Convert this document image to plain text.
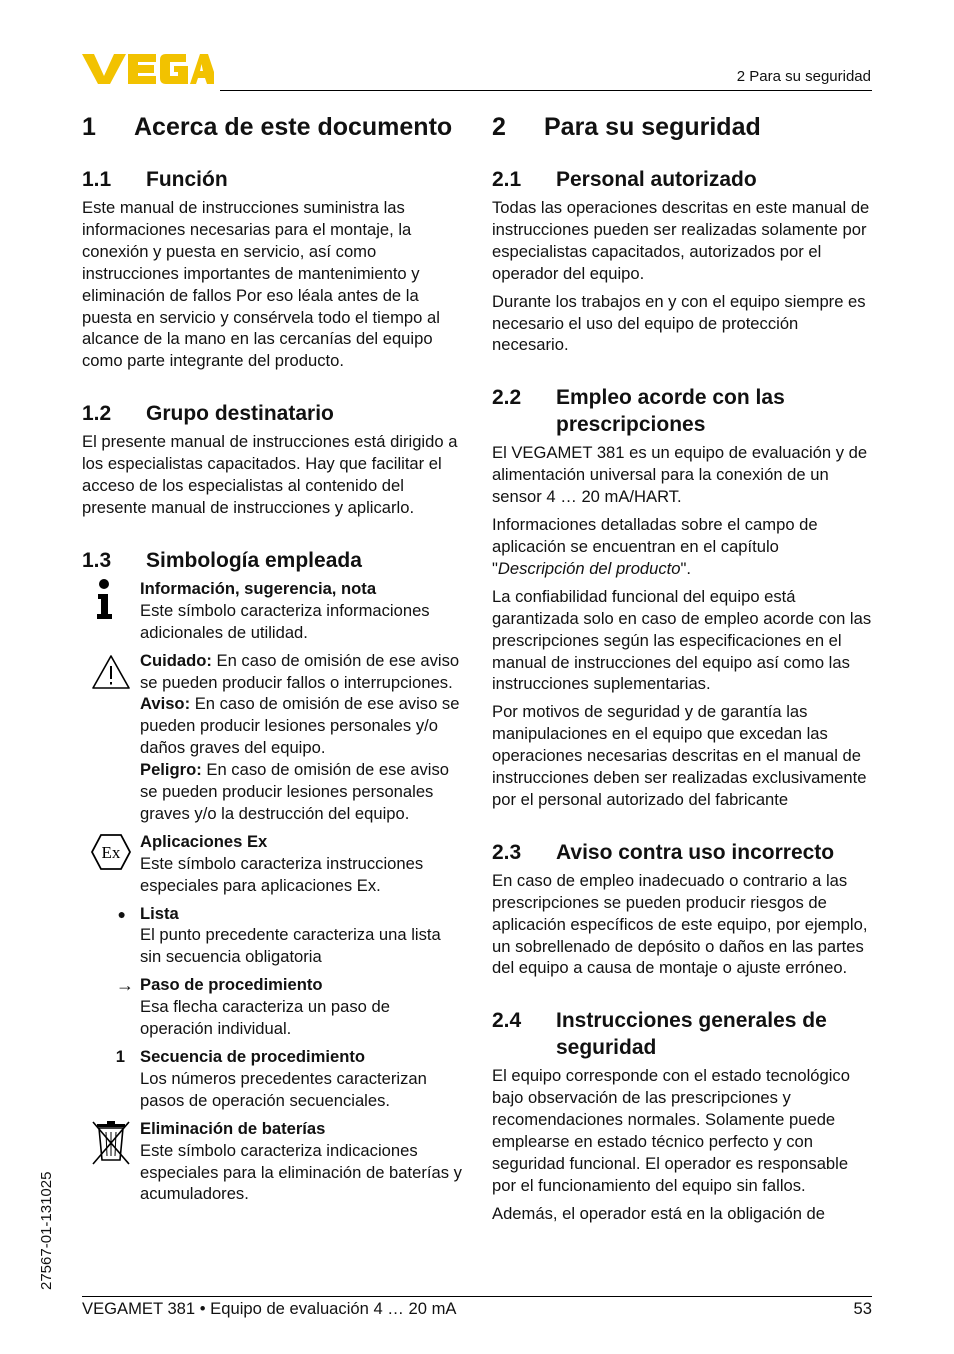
2 Para su seguridad
1	Acerca de este documento
1.1	Función

Este manual de instrucciones suministra las informaciones necesarias para el montaje, la conexión y puesta en servicio, así como instrucciones importantes de mantenimiento y eliminación de fallos Por eso léala antes de la puesta en servicio y consérvela todo el tiempo al alcance de la mano en las cercanías del equipo como parte integrante del producto.

1.2	Grupo destinatario

El presente manual de instrucciones está dirigido a los especialistas capacitados. Hay que facilitar el acceso de los especialistas al contenido del presente manual de instrucciones y aplicarlo.

1.3	Simbología empleada

Información, sugerencia, nota

Este símbolo caracteriza informaciones adicionales de utilidad.

Cuidado: En caso de omisión de ese aviso se pueden producir fallos o interrupciones.

Aviso: En caso de omisión de ese aviso se pueden producir lesiones personales y/o daños graves del equipo.

Peligro: En caso de omisión de ese aviso se pueden producir lesiones personales graves y/o la destrucción del equipo.

Ex

Aplicaciones Ex

Este símbolo caracteriza instrucciones especiales para aplicaciones Ex.

● Lista

El punto precedente caracteriza una lista sin secuencia obligatoria

→ Paso de procedimiento

Esa flecha caracteriza un paso de operación individual.

1 Secuencia de procedimiento

Los números precedentes caracterizan pasos de operación secuenciales.

Eliminación de baterías

Este símbolo caracteriza indicaciones especiales para la eliminación de baterías y acumuladores.

2	Para su seguridad
2.1	Personal autorizado

Todas las operaciones descritas en este manual de instrucciones pueden ser realizadas solamente por especialistas capacitados, autorizados por el operador del equipo.

Durante los trabajos en y con el equipo siempre es necesario el uso del equipo de protección necesario.

2.2	Empleo acorde con las prescripciones

El VEGAMET 381 es un equipo de evaluación y de alimentación universal para la conexión de un sensor 4 … 20 mA/HART.

Informaciones detalladas sobre el campo de aplicación se encuentran en el capítulo "Descripción del producto".

La confiabilidad funcional del equipo está garantizada solo en caso de empleo acorde con las prescripciones según las especificaciones en el manual de instrucciones del equipo así como las instrucciones suplementarias.

Por motivos de seguridad y de garantía las manipulaciones en el equipo que excedan las operaciones necesarias descritas en el manual de instrucciones deben ser realizadas exclusivamente por el personal autorizado del fabricante

2.3	Aviso contra uso incorrecto

En caso de empleo inadecuado o contrario a las prescripciones se pueden producir riesgos de aplicación específicos de este equipo, por ejemplo, un sobrellenado de depósito o daños en las partes del equipo a causa de montaje o ajuste erróneo.

2.4	Instrucciones generales de seguridad

El equipo corresponde con el estado tecnológico bajo observación de las prescripciones y recomendaciones normales. Solamente puede emplearse en estado técnico perfecto y con seguridad funcional. El operador es responsable por el funcionamiento del equipo sin fallos.

Además, el operador está en la obligación de

27567-01-131025
VEGAMET 381 • Equipo de evaluación 4 … 20 mA	53
